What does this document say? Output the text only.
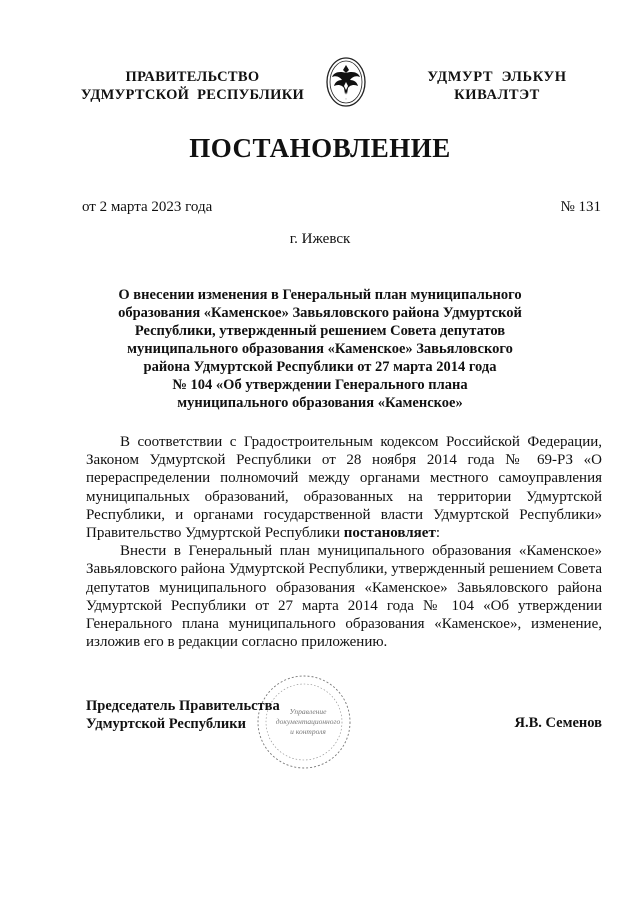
ПРАВИТЕЛЬСТВО
УДМУРТСКОЙ  РЕСПУБЛИКИ
УДМУРТ  ЭЛЬКУН
КИВАЛТЭТ
ПОСТАНОВЛЕНИЕ
от 2 марта 2023 года	№ 131
г. Ижевск
О внесении изменения в Генеральный план муниципального
образования «Каменское» Завьяловского района Удмуртской
Республики, утвержденный решением Совета депутатов
муниципального образования «Каменское» Завьяловского
района Удмуртской Республики от 27 марта 2014 года
№ 104 «Об утверждении Генерального плана
муниципального образования «Каменское»

В соответствии с Градостроительным кодексом Российской Федерации, Законом Удмуртской Республики от 28 ноября 2014 года № 69-РЗ «О перераспределении полномочий между органами местного самоуправления муниципальных образований, образованных на территории Удмуртской Республики, и органами государственной власти Удмуртской Республики» Правительство Удмуртской Республики постановляет:

Внести в Генеральный план муниципального образования «Каменское» Завьяловского района Удмуртской Республики, утвержденный решением Совета депутатов муниципального образования «Каменское» Завьяловского района Удмуртской Республики от 27 марта 2014 года № 104 «Об утверждении Генерального плана муниципального образования «Каменское», изменение, изложив его в редакции согласно приложению.

Управление
документационного
и контроля
Председатель Правительства
Удмуртской Республики	Я.В. Семенов
